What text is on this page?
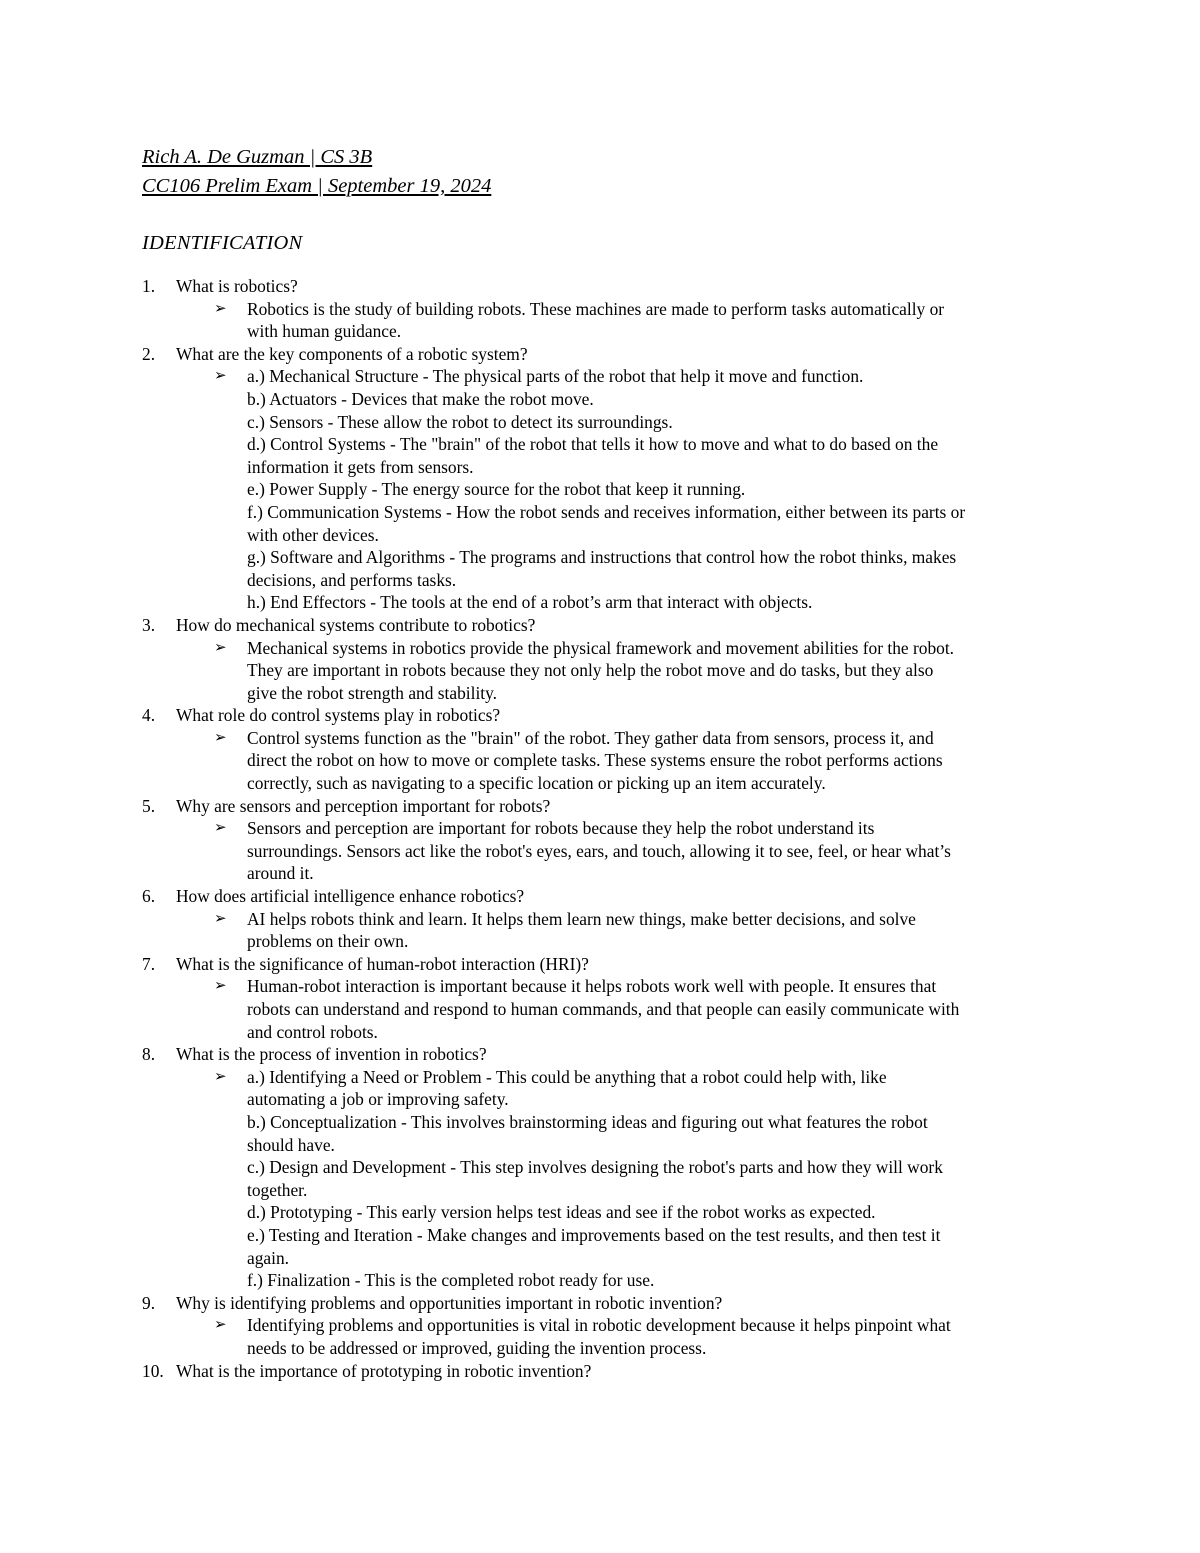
Rich A. De Guzman | CS 3B
CC106 Prelim Exam | September 19, 2024
IDENTIFICATION
1.	What is robotics?
➢ Robotics is the study of building robots. These machines are made to perform tasks automatically or
with human guidance.
2.	What are the key components of a robotic system?
➢ a.) Mechanical Structure - The physical parts of the robot that help it move and function.
b.) Actuators - Devices that make the robot move.
c.) Sensors - These allow the robot to detect its surroundings.
d.) Control Systems - The "brain" of the robot that tells it how to move and what to do based on the
information it gets from sensors.
e.) Power Supply - The energy source for the robot that keep it running.
f.) Communication Systems - How the robot sends and receives information, either between its parts or
with other devices.
g.) Software and Algorithms - The programs and instructions that control how the robot thinks, makes
decisions, and performs tasks.
h.) End Effectors - The tools at the end of a robot’s arm that interact with objects.
3.	How do mechanical systems contribute to robotics?
➢ Mechanical systems in robotics provide the physical framework and movement abilities for the robot.
They are important in robots because they not only help the robot move and do tasks, but they also
give the robot strength and stability.
4.	What role do control systems play in robotics?
➢ Control systems function as the "brain" of the robot. They gather data from sensors, process it, and
direct the robot on how to move or complete tasks. These systems ensure the robot performs actions
correctly, such as navigating to a specific location or picking up an item accurately.
5.	Why are sensors and perception important for robots?
➢ Sensors and perception are important for robots because they help the robot understand its
surroundings. Sensors act like the robot's eyes, ears, and touch, allowing it to see, feel, or hear what’s
around it.
6.	How does artificial intelligence enhance robotics?
➢ AI helps robots think and learn. It helps them learn new things, make better decisions, and solve
problems on their own.
7.	What is the significance of human-robot interaction (HRI)?
➢ Human-robot interaction is important because it helps robots work well with people. It ensures that
robots can understand and respond to human commands, and that people can easily communicate with
and control robots.
8.	What is the process of invention in robotics?
➢ a.) Identifying a Need or Problem - This could be anything that a robot could help with, like
automating a job or improving safety.
b.) Conceptualization - This involves brainstorming ideas and figuring out what features the robot
should have.
c.) Design and Development - This step involves designing the robot's parts and how they will work
together.
d.) Prototyping - This early version helps test ideas and see if the robot works as expected.
e.) Testing and Iteration - Make changes and improvements based on the test results, and then test it
again.
f.) Finalization - This is the completed robot ready for use.
9.	Why is identifying problems and opportunities important in robotic invention?
➢ Identifying problems and opportunities is vital in robotic development because it helps pinpoint what
needs to be addressed or improved, guiding the invention process.
10. What is the importance of prototyping in robotic invention?
